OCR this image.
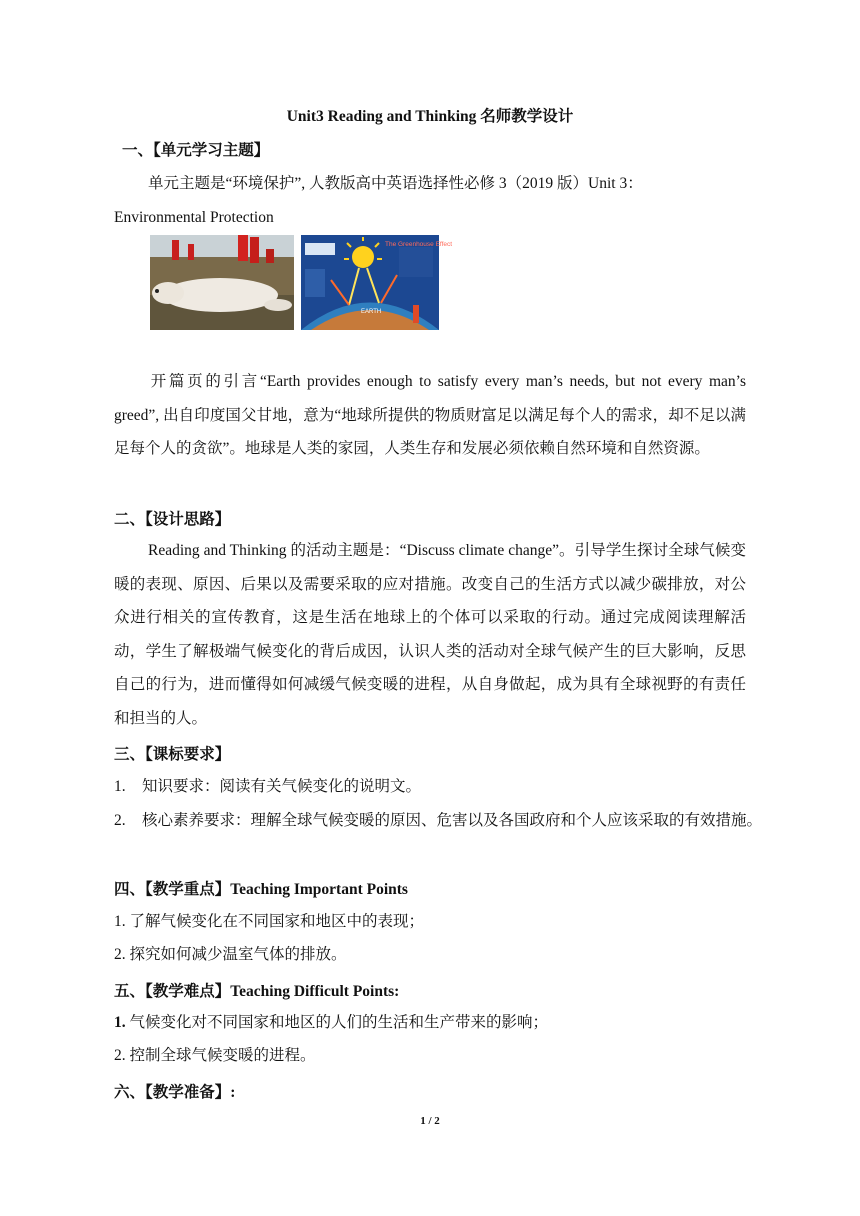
Unit3 Reading and Thinking 名师教学设计
一、【单元学习主题】
单元主题是“环境保护”, 人教版高中英语选择性必修 3（2019 版）Unit 3：
Environmental Protection
The Greenhouse Effect
EARTH
开篇页的引言“Earth provides enough to satisfy every man’s needs, but not every man’s greed”, 出自印度国父甘地，意为“地球所提供的物质财富足以满足每个人的需求，却不足以满足每个人的贪欲”。地球是人类的家园，人类生存和发展必须依赖自然环境和自然资源。
二、【设计思路】
Reading and Thinking 的活动主题是：“Discuss climate change”。引导学生探讨全球气候变暖的表现、原因、后果以及需要采取的应对措施。改变自己的生活方式以减少碳排放，对公众进行相关的宣传教育，这是生活在地球上的个体可以采取的行动。通过完成阅读理解活动，学生了解极端气候变化的背后成因，认识人类的活动对全球气候产生的巨大影响，反思自己的行为，进而懂得如何减缓气候变暖的进程，从自身做起，成为具有全球视野的有责任和担当的人。
三、【课标要求】
1. 知识要求：阅读有关气候变化的说明文。
2. 核心素养要求：理解全球气候变暖的原因、危害以及各国政府和个人应该采取的有效措施。
四、【教学重点】Teaching Important Points
1. 了解气候变化在不同国家和地区中的表现；
2. 探究如何减少温室气体的排放。
五、【教学难点】Teaching Difficult Points:
1. 气候变化对不同国家和地区的人们的生活和生产带来的影响；
2. 控制全球气候变暖的进程。
六、【教学准备】:
1 / 2
